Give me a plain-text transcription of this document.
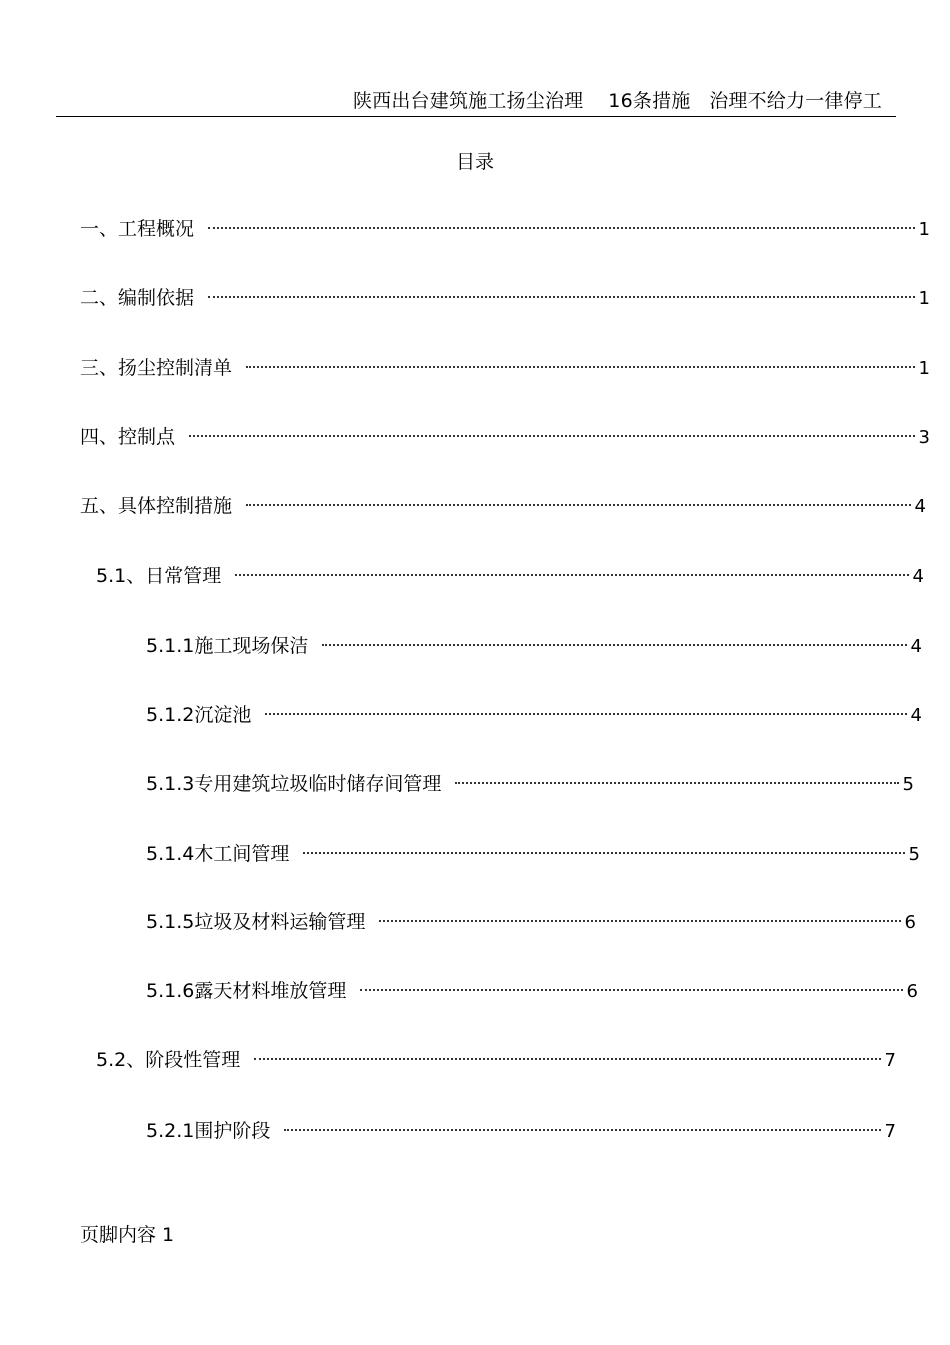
陕西出台建筑施工扬尘治理    16条措施   治理不给力一律停工
目录
一、工程概况	1
二、编制依据	1
三、扬尘控制清单	1
四、控制点	3
五、具体控制措施	4
5.1、日常管理	4
5.1.1施工现场保洁	4
5.1.2沉淀池	4
5.1.3专用建筑垃圾临时储存间管理	5
5.1.4木工间管理	5
5.1.5垃圾及材料运输管理	6
5.1.6露天材料堆放管理	6
5.2、阶段性管理	7
5.2.1围护阶段	7
页脚内容 1
